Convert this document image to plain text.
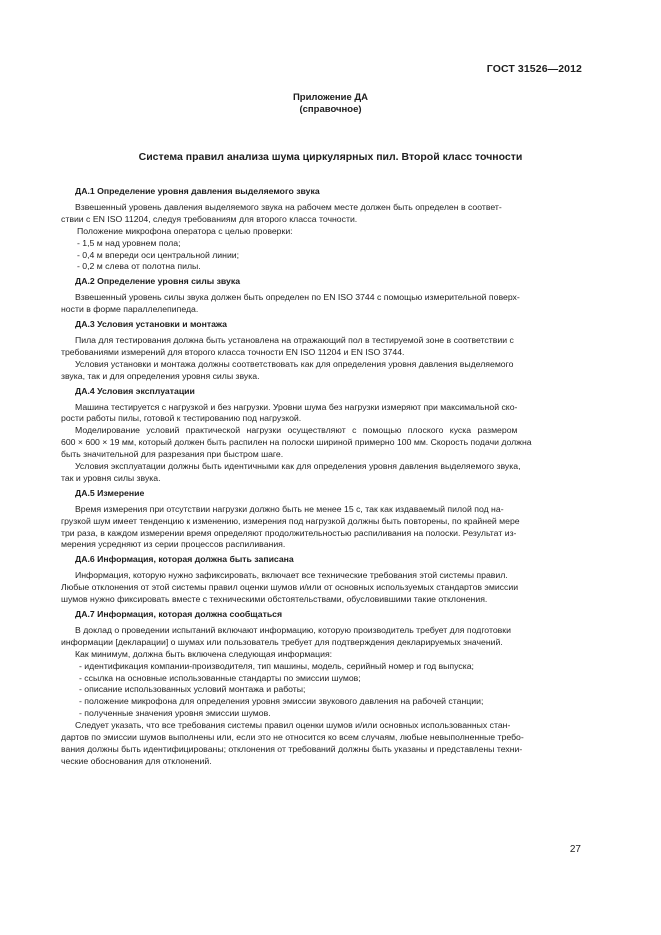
ГОСТ 31526—2012
Приложение ДА
(справочное)
Система правил анализа шума циркулярных пил. Второй класс точности
ДА.1 Определение уровня давления выделяемого звука

Взвешенный уровень давления выделяемого звука на рабочем месте должен быть определен в соответ-

ствии с EN ISO 11204, следуя требованиям для второго класса точности.

Положение микрофона оператора с целью проверки:

- 1,5 м над уровнем пола;
- 0,4 м впереди оси центральной линии;
- 0,2 м слева от полотна пилы.
ДА.2 Определение уровня силы звука

Взвешенный уровень силы звука должен быть определен по EN ISO 3744 с помощью измерительной поверх-

ности в форме параллелепипеда.

ДА.3 Условия установки и монтажа

Пила для тестирования должна быть установлена на отражающий пол в тестируемой зоне в соответствии с

требованиями измерений для второго класса точности EN ISO 11204 и EN ISO 3744.

Условия установки и монтажа должны соответствовать как для определения уровня давления выделяемого

звука, так и для определения уровня силы звука.

ДА.4 Условия эксплуатации

Машина тестируется с нагрузкой и без нагрузки. Уровни шума без нагрузки измеряют при максимальной ско-

рости работы пилы, готовой к тестированию под нагрузкой.

Моделирование условий практической нагрузки осуществляют с помощью плоского куска размером

600 × 600 × 19 мм, который должен быть распилен на полоски шириной примерно 100 мм. Скорость подачи должна

быть значительной для разрезания при быстром шаге.

Условия эксплуатации должны быть идентичными как для определения уровня давления выделяемого звука,

так и уровня силы звука.

ДА.5 Измерение

Время измерения при отсутствии нагрузки должно быть не менее 15 с, так как издаваемый пилой под на-

грузкой шум имеет тенденцию к изменению, измерения под нагрузкой должны быть повторены, по крайней мере

три раза, в каждом измерении время определяют продолжительностью распиливания на полоски. Результат из-

мерения усредняют из серии процессов распиливания.

ДА.6 Информация, которая должна быть записана

Информация, которую нужно зафиксировать, включает все технические требования этой системы правил.

Любые отклонения от этой системы правил оценки шумов и/или от основных используемых стандартов эмиссии

шумов нужно фиксировать вместе с техническими обстоятельствами, обусловившими такие отклонения.

ДА.7 Информация, которая должна сообщаться

В доклад о проведении испытаний включают информацию, которую производитель требует для подготовки

информации [декларации] о шумах или пользователь требует для подтверждения декларируемых значений.

Как минимум, должна быть включена следующая информация:

- идентификация компании-производителя, тип машины, модель, серийный номер и год выпуска;
- ссылка на основные использованные стандарты по эмиссии шумов;
- описание использованных условий монтажа и работы;
- положение микрофона для определения уровня эмиссии звукового давления на рабочей станции;
- полученные значения уровня эмиссии шумов.

Следует указать, что все требования системы правил оценки шумов и/или основных использованных стан-

дартов по эмиссии шумов выполнены или, если это не относится ко всем случаям, любые невыполненные требо-

вания должны быть идентифицированы; отклонения от требований должны быть указаны и представлены техни-

ческие обоснования для отклонений.

27
